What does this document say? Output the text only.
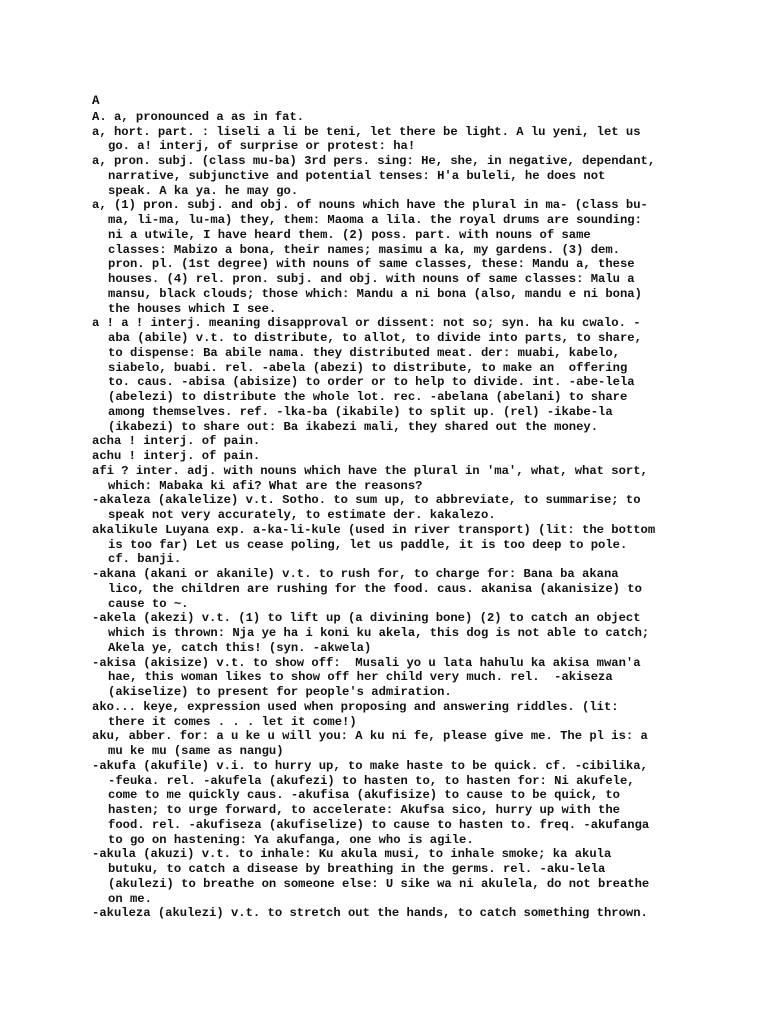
A

A. a, pronounced a as in fat.

a, hort. part. : liseli a li be teni, let there be light. A lu yeni, let us
go. a! interj, of surprise or protest: ha!

a, pron. subj. (class mu-ba) 3rd pers. sing: He, she, in negative, dependant,
narrative, subjunctive and potential tenses: H'a buleli, he does not
speak. A ka ya. he may go.

a, (1) pron. subj. and obj. of nouns which have the plural in ma- (class bu-
ma, li-ma, lu-ma) they, them: Maoma a lila. the royal drums are sounding:
ni a utwile, I have heard them. (2) poss. part. with nouns of same
classes: Mabizo a bona, their names; masimu a ka, my gardens. (3) dem.
pron. pl. (1st degree) with nouns of same classes, these: Mandu a, these
houses. (4) rel. pron. subj. and obj. with nouns of same classes: Malu a
mansu, black clouds; those which: Mandu a ni bona (also, mandu e ni bona)
the houses which I see.

a ! a ! interj. meaning disapproval or dissent: not so; syn. ha ku cwalo. -
aba (abile) v.t. to distribute, to allot, to divide into parts, to share,
to dispense: Ba abile nama. they distributed meat. der: muabi, kabelo,
siabelo, buabi. rel. -abela (abezi) to distribute, to make an  offering
to. caus. -abisa (abisize) to order or to help to divide. int. -abe-lela
(abelezi) to distribute the whole lot. rec. -abelana (abelani) to share
among themselves. ref. -lka-ba (ikabile) to split up. (rel) -ikabe-la
(ikabezi) to share out: Ba ikabezi mali, they shared out the money.

acha ! interj. of pain.

achu ! interj. of pain.

afi ? inter. adj. with nouns which have the plural in 'ma', what, what sort,
which: Mabaka ki afi? What are the reasons?

-akaleza (akalelize) v.t. Sotho. to sum up, to abbreviate, to summarise; to
speak not very accurately, to estimate der. kakalezo.

akalikule Luyana exp. a-ka-li-kule (used in river transport) (lit: the bottom
is too far) Let us cease poling, let us paddle, it is too deep to pole.
cf. banji.

-akana (akani or akanile) v.t. to rush for, to charge for: Bana ba akana
lico, the children are rushing for the food. caus. akanisa (akanisize) to
cause to ~.

-akela (akezi) v.t. (1) to lift up (a divining bone) (2) to catch an object
which is thrown: Nja ye ha i koni ku akela, this dog is not able to catch;
Akela ye, catch this! (syn. -akwela)

-akisa (akisize) v.t. to show off:  Musali yo u lata hahulu ka akisa mwan'a
hae, this woman likes to show off her child very much. rel.  -akiseza
(akiselize) to present for people's admiration.

ako... keye, expression used when proposing and answering riddles. (lit:
there it comes . . . let it come!)

aku, abber. for: a u ke u will you: A ku ni fe, please give me. The pl is: a
mu ke mu (same as nangu)

-akufa (akufile) v.i. to hurry up, to make haste to be quick. cf. -cibilika,
-feuka. rel. -akufela (akufezi) to hasten to, to hasten for: Ni akufele,
come to me quickly caus. -akufisa (akufisize) to cause to be quick, to
hasten; to urge forward, to accelerate: Akufsa sico, hurry up with the
food. rel. -akufiseza (akufiselize) to cause to hasten to. freq. -akufanga
to go on hastening: Ya akufanga, one who is agile.

-akula (akuzi) v.t. to inhale: Ku akula musi, to inhale smoke; ka akula
butuku, to catch a disease by breathing in the germs. rel. -aku-lela
(akulezi) to breathe on someone else: U sike wa ni akulela, do not breathe
on me.

-akuleza (akulezi) v.t. to stretch out the hands, to catch something thrown.
